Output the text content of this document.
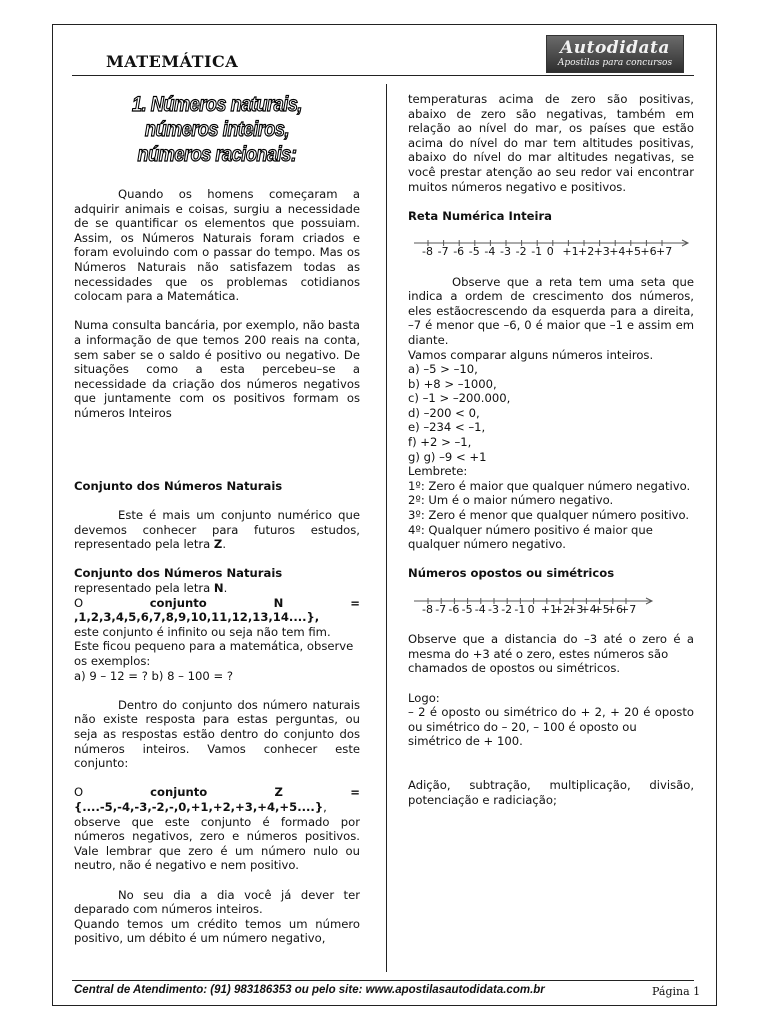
MATEMÁTICA
Autodidata
Apostilas para concursos
1. Números naturais, números inteiros,
números racionais:

Quando os homens começaram a adquirir animais e coisas, surgiu a necessidade de se quantificar os elementos que possuiam. Assim, os Números Naturais foram criados e foram evoluindo com o passar do tempo. Mas os Números Naturais não satisfazem todas as necessidades que os problemas cotidianos colocam para a Matemática.

Numa consulta bancária, por exemplo, não basta a informação de que temos 200 reais na conta, sem saber se o saldo é positivo ou negativo. De situações como a esta percebeu–se a necessidade da criação dos números negativos que juntamente com os positivos formam os números Inteiros

Conjunto dos Números Naturais

Este é mais um conjunto numérico que devemos conhecer para futuros estudos, representado pela letra Z.

Conjunto dos Números Naturais

representado pela letra N.

O conjunto N = ,1,2,3,4,5,6,7,8,9,10,11,12,13,14....},

este conjunto é infinito ou seja não tem fim.

Este ficou pequeno para a matemática, observe os exemplos:

a) 9 – 12 = ? b) 8 – 100 = ?

Dentro do conjunto dos número naturais não existe resposta para estas perguntas, ou seja as respostas estão dentro do conjunto dos números inteiros. Vamos conhecer este conjunto:

O conjunto Z = {....-5,-4,-3,-2,-,0,+1,+2,+3,+4,+5....}, observe que este conjunto é formado por números negativos, zero e números positivos. Vale lembrar que zero é um número nulo ou neutro, não é negativo e nem positivo.

No seu dia a dia você já dever ter deparado com números inteiros.

Quando temos um crédito temos um número positivo, um débito é um número negativo,

temperaturas acima de zero são positivas, abaixo de zero são negativas, também em relação ao nível do mar, os países que estão acima do nível do mar tem altitudes positivas, abaixo do nível do mar altitudes negativas, se você prestar atenção ao seu redor vai encontrar muitos números negativo e positivos.

Reta Numérica Inteira

-8 -7 -6 -5 -4 -3 -2 -1 0 +1 +2 +3 +4 +5 +6 +7

Observe que a reta tem uma seta que indica a ordem de crescimento dos números, eles estãocrescendo da esquerda para a direita, –7 é menor que –6, 0 é maior que –1 e assim em diante.

Vamos comparar alguns números inteiros.

a) –5 > –10,

b) +8 > –1000,

c) –1 > –200.000,

d) –200 < 0,

e) –234 < –1,

f) +2 > –1,

g) g) –9 < +1

Lembrete:

1º: Zero é maior que qualquer número negativo.

2º: Um é o maior número negativo.

3º: Zero é menor que qualquer número positivo.

4º: Qualquer número positivo é maior que qualquer número negativo.

Números opostos ou simétricos

-8 -7 -6 -5 -4 -3 -2 -1 0 +1
+2
+3
+4
+5
+6
+7

Observe que a distancia do –3 até o zero é a mesma do +3 até o zero, estes números são

chamados de opostos ou simétricos.

Logo:

– 2 é oposto ou simétrico do + 2, + 20 é oposto ou simétrico do – 20, – 100 é oposto ou

simétrico de + 100.

Adição, subtração, multiplicação, divisão, potenciação e radiciação;

Central de Atendimento: (91) 983186353 ou pelo site: www.apostilasautodidata.com.br	Página 1
